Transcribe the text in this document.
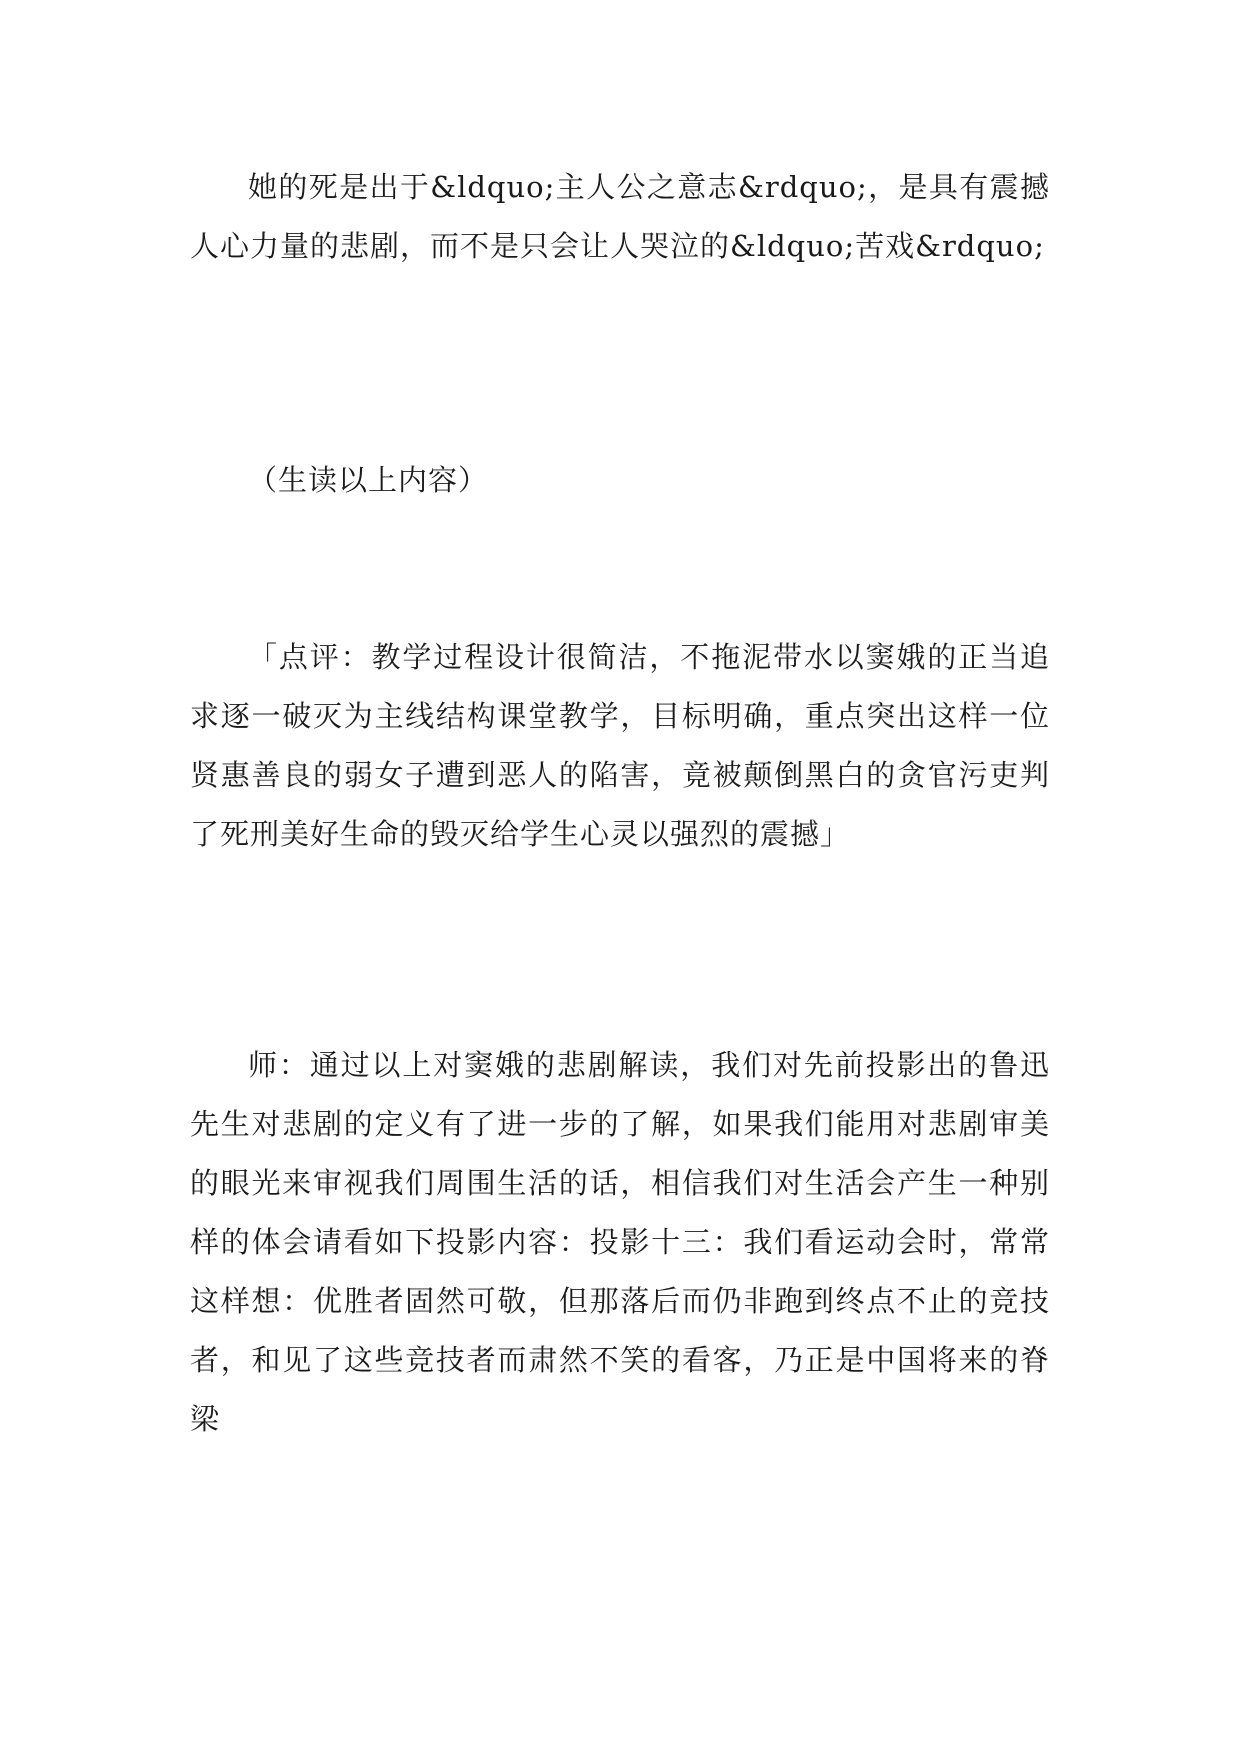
她的死是出于&ldquo;主人公之意志&rdquo;，是具有震撼人心力量的悲剧，而不是只会让人哭泣的&ldquo;苦戏&rdquo;

（生读以上内容）

「点评：教学过程设计很简洁，不拖泥带水以窦娥的正当追求逐一破灭为主线结构课堂教学，目标明确，重点突出这样一位贤惠善良的弱女子遭到恶人的陷害，竟被颠倒黑白的贪官污吏判了死刑美好生命的毁灭给学生心灵以强烈的震撼」

师：通过以上对窦娥的悲剧解读，我们对先前投影出的鲁迅先生对悲剧的定义有了进一步的了解，如果我们能用对悲剧审美的眼光来审视我们周围生活的话，相信我们对生活会产生一种别样的体会请看如下投影内容：投影十三：我们看运动会时，常常这样想：优胜者固然可敬，但那落后而仍非跑到终点不止的竞技者，和见了这些竞技者而肃然不笑的看客，乃正是中国将来的脊梁
